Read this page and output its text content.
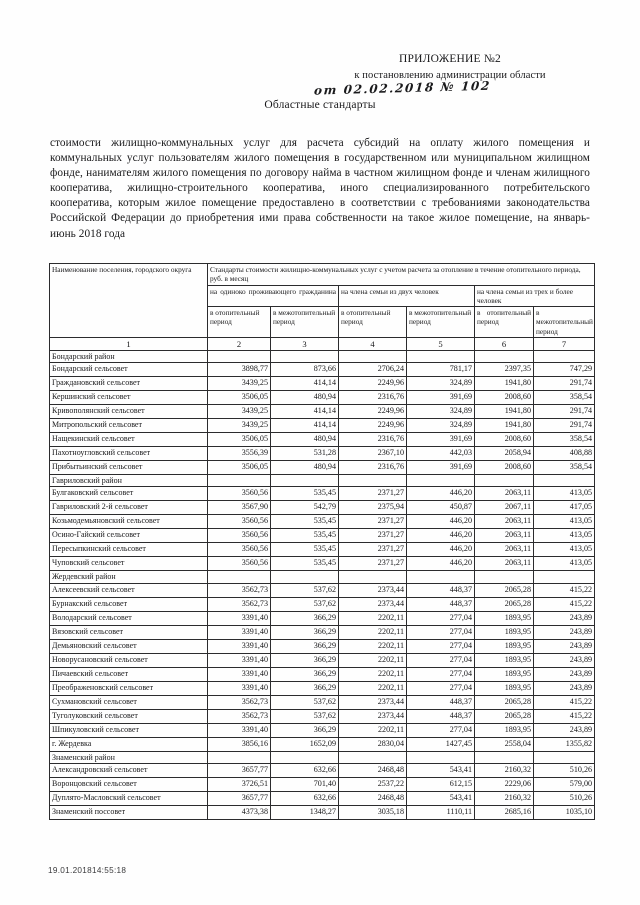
ПРИЛОЖЕНИЕ №2
к постановлению администрации области
от 02.02.2018 № 102
Областные стандарты
стоимости жилищно-коммунальных услуг для расчета субсидий на оплату жилого помещения и коммунальных услуг пользователям жилого помещения в государственном или муниципальном жилищном фонде, нанимателям жилого помещения по договору найма в частном жилищном фонде и членам жилищного кооператива, жилищно-строительного кооператива, иного специализированного потребительского кооператива, которым жилое помещение предоставлено в соответствии с требованиями законодательства Российской Федерации до приобретения ими права собственности на такое жилое помещение, на январь-июнь 2018 года
Наименование поселения, городского округа	Стандарты стоимости жилищно-коммунальных услуг с учетом расчета за отопление в течение отопительного периода, руб. в месяц					
	на одиноко проживающего гражданина		на члена семьи из двух человек		на члена семьи из трех и более человек	
	в отопительный период	в межотопительный период	в отопительный период	в межотопительный период	в отопительный период	в межотопительный период
1	2	3	4	5	6	7
Бондарский район						
Бондарский сельсовет	3898,77	873,66	2706,24	781,17	2397,35	747,29
Граждановский сельсовет	3439,25	414,14	2249,96	324,89	1941,80	291,74
Кершинский сельсовет	3506,05	480,94	2316,76	391,69	2008,60	358,54
Кривополянский сельсовет	3439,25	414,14	2249,96	324,89	1941,80	291,74
Митропольский сельсовет	3439,25	414,14	2249,96	324,89	1941,80	291,74
Нащекинский сельсовет	3506,05	480,94	2316,76	391,69	2008,60	358,54
Пахотноугловский сельсовет	3556,39	531,28	2367,10	442,03	2058,94	408,88
Прибытьинский сельсовет	3506,05	480,94	2316,76	391,69	2008,60	358,54
Гавриловский район						
Булгаковский сельсовет	3560,56	535,45	2371,27	446,20	2063,11	413,05
Гавриловский 2-й сельсовет	3567,90	542,79	2375,94	450,87	2067,11	417,05
Козьмодемьяновский сельсовет	3560,56	535,45	2371,27	446,20	2063,11	413,05
Осино-Гайский сельсовет	3560,56	535,45	2371,27	446,20	2063,11	413,05
Пересыпкинский сельсовет	3560,56	535,45	2371,27	446,20	2063,11	413,05
Чуповский сельсовет	3560,56	535,45	2371,27	446,20	2063,11	413,05
Жердевский район						
Алексеевский сельсовет	3562,73	537,62	2373,44	448,37	2065,28	415,22
Бурнакский сельсовет	3562,73	537,62	2373,44	448,37	2065,28	415,22
Володарский сельсовет	3391,40	366,29	2202,11	277,04	1893,95	243,89
Вязовский сельсовет	3391,40	366,29	2202,11	277,04	1893,95	243,89
Демьяновский сельсовет	3391,40	366,29	2202,11	277,04	1893,95	243,89
Новорусановский сельсовет	3391,40	366,29	2202,11	277,04	1893,95	243,89
Пичаевский сельсовет	3391,40	366,29	2202,11	277,04	1893,95	243,89
Преображеновский сельсовет	3391,40	366,29	2202,11	277,04	1893,95	243,89
Сухмановский сельсовет	3562,73	537,62	2373,44	448,37	2065,28	415,22
Туголуковский сельсовет	3562,73	537,62	2373,44	448,37	2065,28	415,22
Шпикуловский сельсовет	3391,40	366,29	2202,11	277,04	1893,95	243,89
г. Жердевка	3856,16	1652,09	2830,04	1427,45	2558,04	1355,82
Знаменский район						
Александровский сельсовет	3657,77	632,66	2468,48	543,41	2160,32	510,26
Воронцовский сельсовет	3726,51	701,40	2537,22	612,15	2229,06	579,00
Дуплято-Масловский сельсовет	3657,77	632,66	2468,48	543,41	2160,32	510,26
Знаменский поссовет	4373,38	1348,27	3035,18	1110,11	2685,16	1035,10
19.01.201814:55:18
